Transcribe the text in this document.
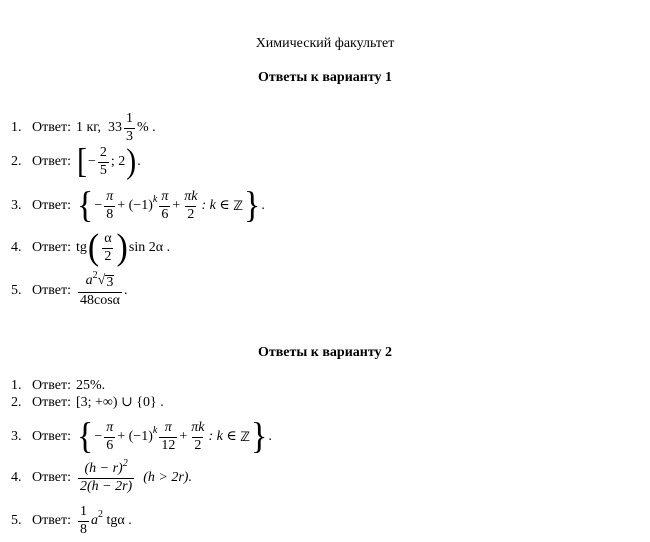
Химический факультет
Ответы к варианту 1
1. Ответ: 1 кг,
$33 \frac{1}{3}$ %
.
2. Ответ: [ − $\frac{2}{5}$ ; 2 ) .
3. Ответ: { − $\frac{\pi}{8} + (-1)$ k $\frac{\pi}{6} + \frac{\pi k}{2}$ : k ∈
ℤ } .
4. Ответ: tg ( $\frac{\alpha}{2}$ ) sin 2α
.
5. Ответ: $\frac{a^2 √ 3}{48\cos\alpha}$ .
Ответы к варианту 2
1. Ответ: 25%.
2. Ответ: [3; +∞) ∪ {0} .
3. Ответ: { − $\frac{\pi}{6} + (-1)$ k $\frac{\pi}{12} + \frac{\pi k}{2}$ : k ∈
ℤ } .
4. Ответ: $\frac{(h - r)^2}{2(h - 2r)}$
(h > 2r).
5. Ответ: $\frac{1}{8}$ a 2
tgα .
